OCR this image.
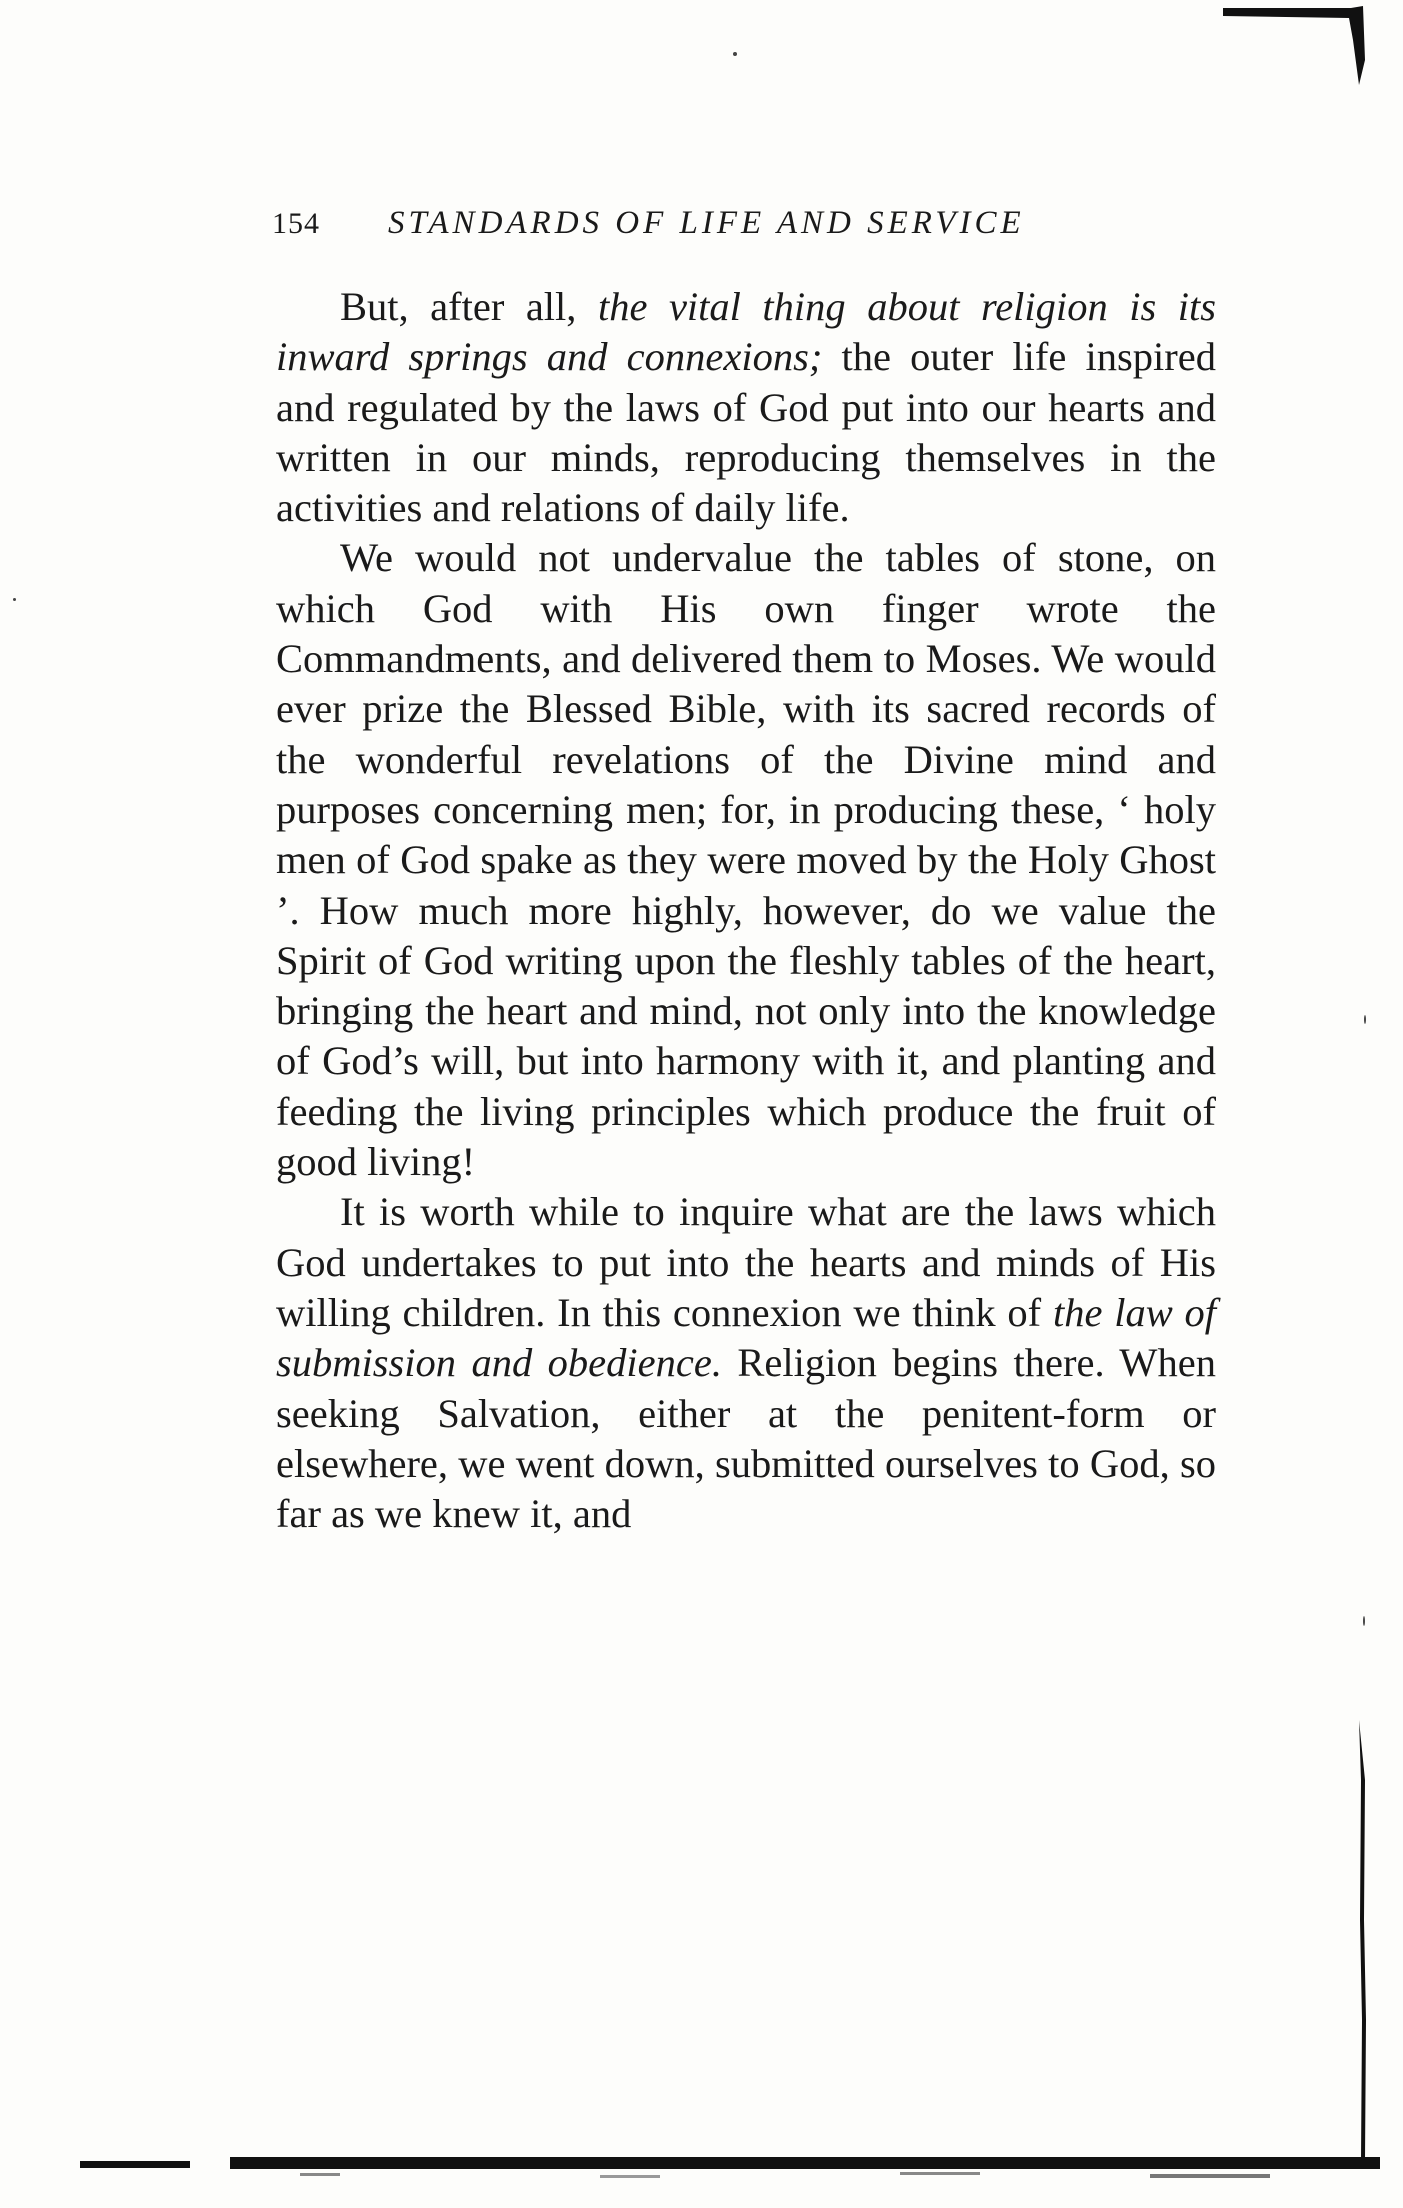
154 STANDARDS OF LIFE AND SERVICE

But, after all, the vital thing about religion is its inward springs and connexions; the outer life inspired and regulated by the laws of God put into our hearts and written in our minds, reproducing themselves in the activities and relations of daily life.

We would not undervalue the tables of stone, on which God with His own finger wrote the Commandments, and delivered them to Moses. We would ever prize the Blessed Bible, with its sacred records of the wonderful revelations of the Divine mind and purposes concerning men; for, in producing these, ‘ holy men of God spake as they were moved by the Holy Ghost ’. How much more highly, however, do we value the Spirit of God writing upon the fleshly tables of the heart, bringing the heart and mind, not only into the knowledge of God’s will, but into harmony with it, and planting and feeding the living principles which produce the fruit of good living!

It is worth while to inquire what are the laws which God undertakes to put into the hearts and minds of His willing children. In this connexion we think of the law of submission and obedience. Religion begins there. When seeking Salvation, either at the penitent-form or elsewhere, we went down, submitted ourselves to God, so far as we knew it, and
